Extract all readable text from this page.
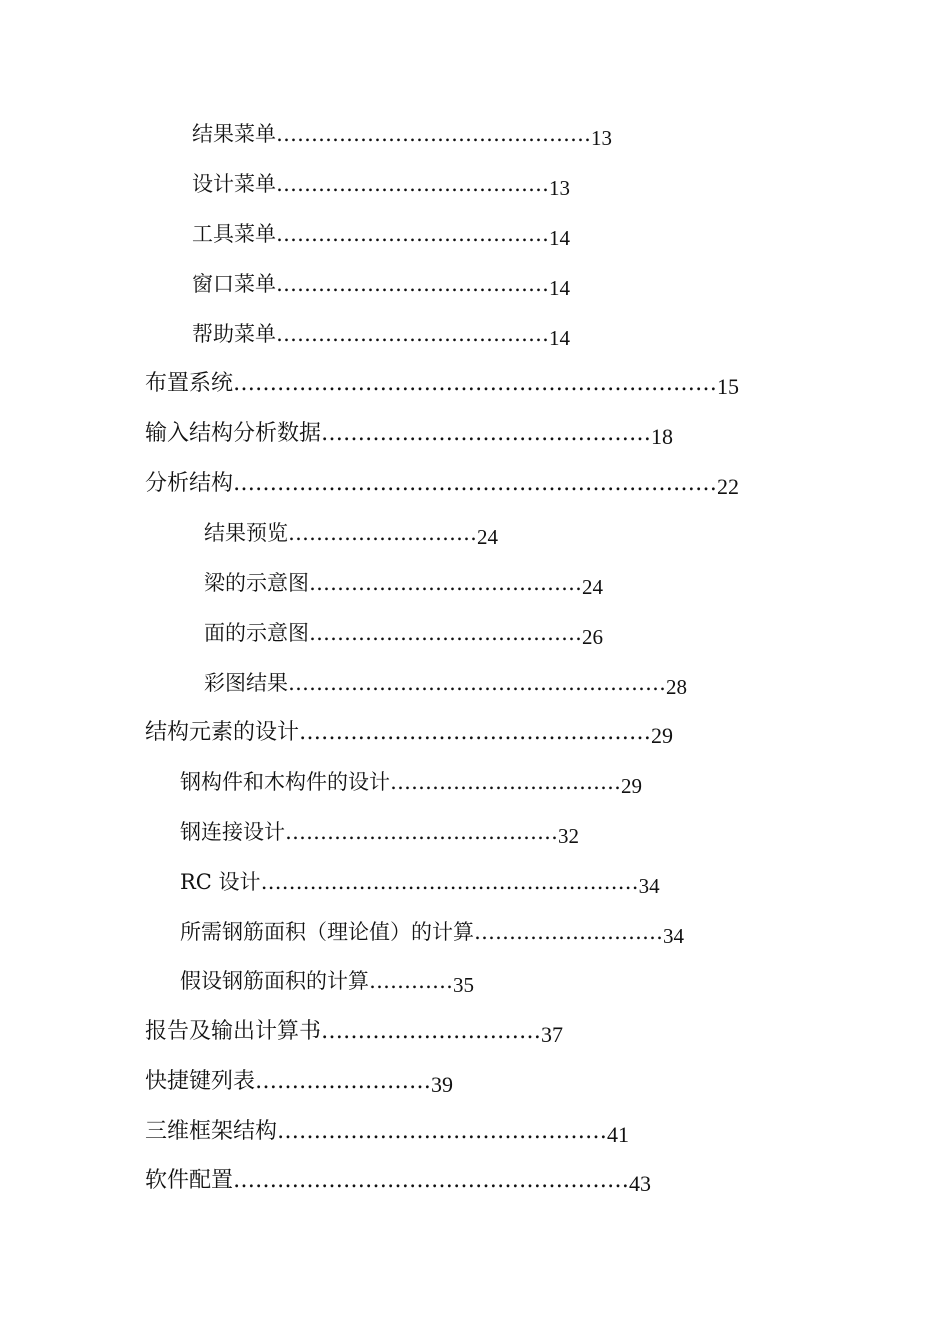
结果菜单………………………………………13
设计菜单…………………………………13
工具菜单…………………………………14
窗口菜单…………………………………14
帮助菜单…………………………………14
布置系统…………………………………………………………15
输入结构分析数据………………………………………18
分析结构…………………………………………………………22
结果预览………………………24
梁的示意图…………………………………24
面的示意图…………………………………26
彩图结果………………………………………………28
结构元素的设计…………………………………………29
钢构件和木构件的设计……………………………29
钢连接设计…………………………………32
RC 设计………………………………………………34
所需钢筋面积（理论值）的计算………………………34
假设钢筋面积的计算…………35
报告及输出计算书…………………………37
快捷键列表……………………39
三维框架结构………………………………………41
软件配置………………………………………………43
